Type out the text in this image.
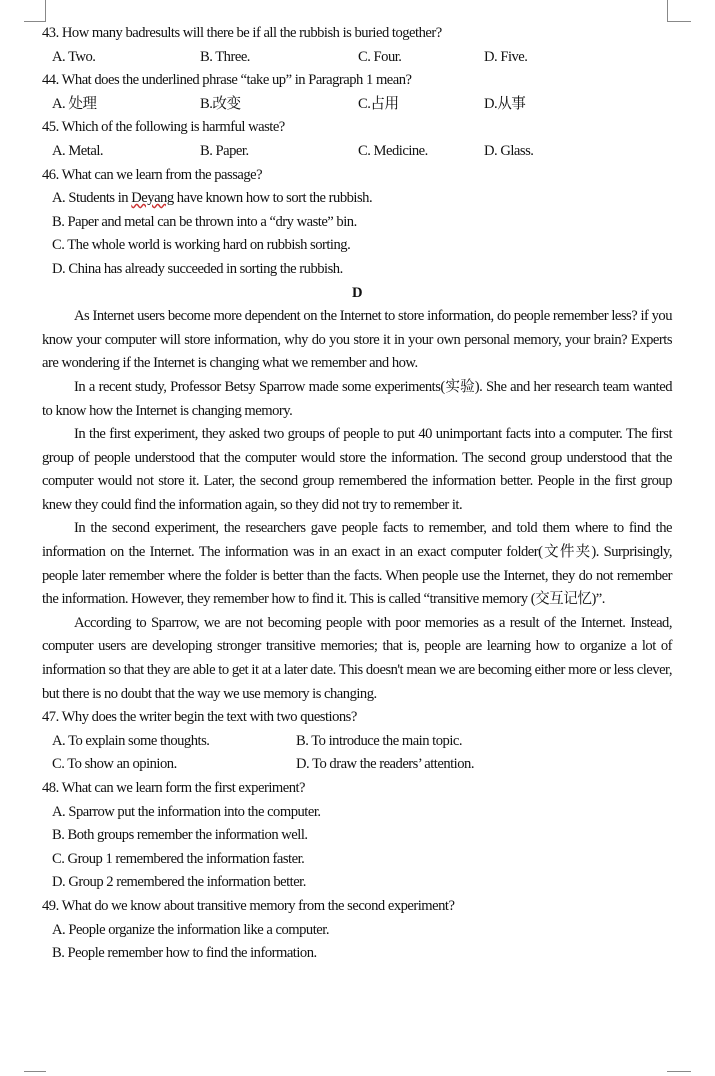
43. How many badresults will there be if all the rubbish is buried together?
A. Two.	B. Three.	C. Four.	D. Five.
44. What does the underlined phrase “take up” in Paragraph 1 mean?
A. 处理	B.改变	C.占用	D.从事
45. Which of the following is harmful waste?
A. Metal.	B. Paper.	C. Medicine.	D. Glass.
46. What can we learn from the passage?
A. Students in Deyang have known how to sort the rubbish.
B. Paper and metal can be thrown into a “dry waste” bin.
C. The whole world is working hard on rubbish sorting.
D. China has already succeeded in sorting the rubbish.
D

As Internet users become more dependent on the Internet to store information, do people remember less? if you know your computer will store information, why do you store it in your own personal memory, your brain? Experts are wondering if the Internet is changing what we remember and how.

In a recent study, Professor Betsy Sparrow made some experiments(实验). She and her research team wanted to know how the Internet is changing memory.

In the first experiment, they asked two groups of people to put 40 unimportant facts into a computer. The first group of people understood that the computer would store the information. The second group understood that the computer would not store it. Later, the second group remembered the information better. People in the first group knew they could find the information again, so they did not try to remember it.

In the second experiment, the researchers gave people facts to remember, and told them where to find the information on the Internet. The information was in an exact in an exact computer folder(文件夹). Surprisingly, people later remember where the folder is better than the facts. When people use the Internet, they do not remember the information. However, they remember how to find it. This is called “transitive memory (交互记忆)”.

According to Sparrow, we are not becoming people with poor memories as a result of the Internet. Instead, computer users are developing stronger transitive memories; that is, people are learning how to organize a lot of information so that they are able to get it at a later date. This doesn't mean we are becoming either more or less clever, but there is no doubt that the way we use memory is changing.

47. Why does the writer begin the text with two questions?
A. To explain some thoughts.	B. To introduce the main topic.
C. To show an opinion.	D. To draw the readers’ attention.
48. What can we learn form the first experiment?
A. Sparrow put the information into the computer.
B. Both groups remember the information well.
C. Group 1 remembered the information faster.
D. Group 2 remembered the information better.
49. What do we know about transitive memory from the second experiment?
A. People organize the information like a computer.
B. People remember how to find the information.
